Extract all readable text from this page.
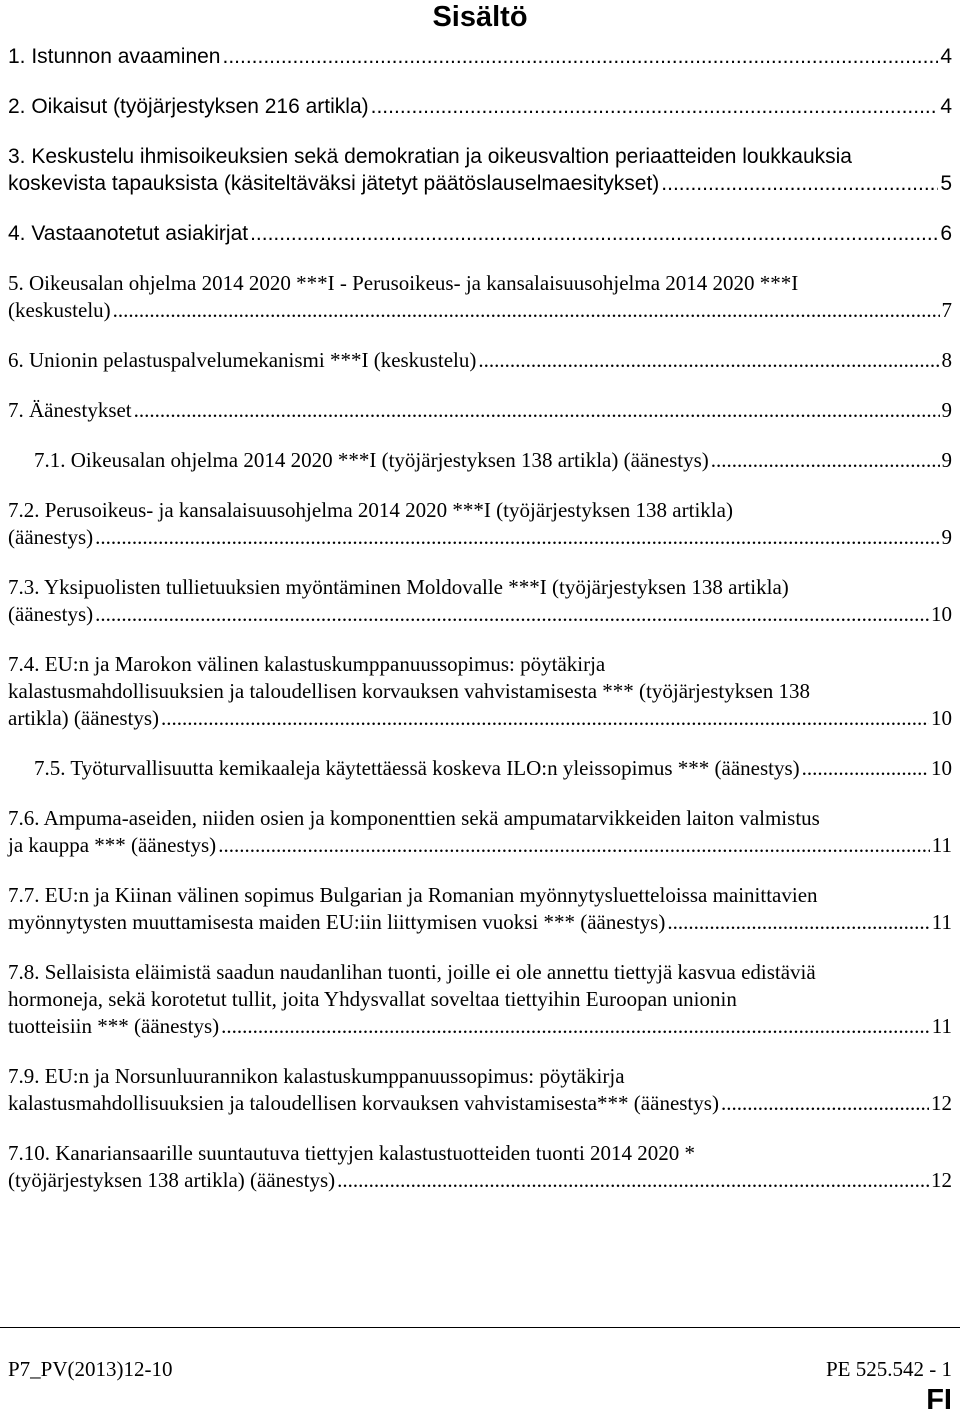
Sisältö
1. Istunnon avaaminen .....	4
2. Oikaisut (työjärjestyksen 216 artikla) .....	4
3. Keskustelu ihmisoikeuksien sekä demokratian ja oikeusvaltion periaatteiden loukkauksia
koskevista tapauksista (käsiteltäväksi jätetyt päätöslauselmaesitykset) .....	5
4. Vastaanotetut asiakirjat .....	6
5. Oikeusalan ohjelma 2014 2020 ***I - Perusoikeus- ja kansalaisuusohjelma 2014 2020 ***I
(keskustelu) .....	7
6. Unionin pelastuspalvelumekanismi ***I (keskustelu) .....	8
7. Äänestykset .....	9
7.1. Oikeusalan ohjelma 2014 2020 ***I (työjärjestyksen 138 artikla) (äänestys) .....	9
7.2. Perusoikeus- ja kansalaisuusohjelma 2014 2020 ***I (työjärjestyksen 138 artikla)
(äänestys) .....	9
7.3. Yksipuolisten tullietuuksien myöntäminen Moldovalle ***I (työjärjestyksen 138 artikla)
(äänestys) .....	10
7.4. EU:n ja Marokon välinen kalastuskumppanuussopimus: pöytäkirja
kalastusmahdollisuuksien ja taloudellisen korvauksen vahvistamisesta *** (työjärjestyksen 138
artikla) (äänestys) .....	10
7.5. Työturvallisuutta kemikaaleja käytettäessä koskeva ILO:n yleissopimus *** (äänestys) .....	10
7.6. Ampuma-aseiden, niiden osien ja komponenttien sekä ampumatarvikkeiden laiton valmistus
ja kauppa *** (äänestys) .....	11
7.7. EU:n ja Kiinan välinen sopimus Bulgarian ja Romanian myönnytysluetteloissa mainittavien
myönnytysten muuttamisesta maiden EU:iin liittymisen vuoksi *** (äänestys) .....	11
7.8. Sellaisista eläimistä saadun naudanlihan tuonti, joille ei ole annettu tiettyjä kasvua edistäviä
hormoneja, sekä korotetut tullit, joita Yhdysvallat soveltaa tiettyihin Euroopan unionin
tuotteisiin *** (äänestys) .....	11
7.9. EU:n ja Norsunluurannikon kalastuskumppanuussopimus: pöytäkirja
kalastusmahdollisuuksien ja taloudellisen korvauksen vahvistamisesta*** (äänestys) .....	12
7.10. Kanariansaarille suuntautuva tiettyjen kalastustuotteiden tuonti 2014 2020 *
(työjärjestyksen 138 artikla) (äänestys) .....	12
P7_PV(2013)12-10	PE 525.542 - 1
FI
